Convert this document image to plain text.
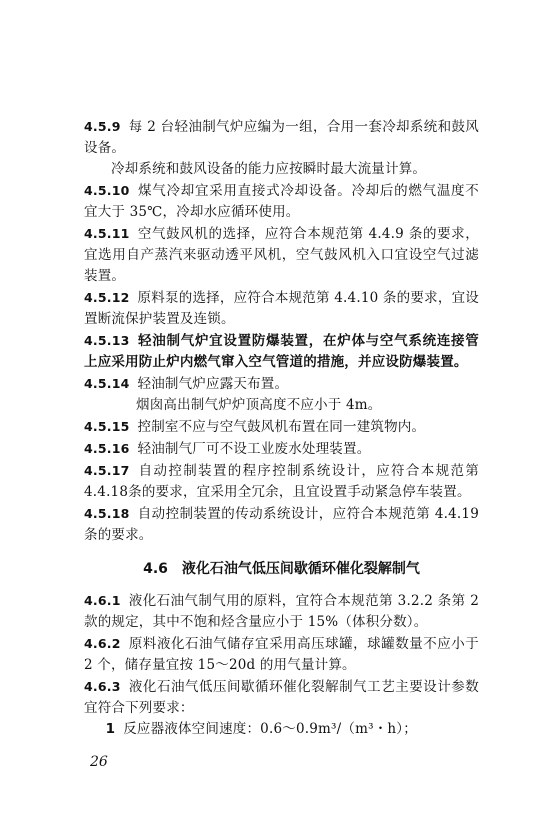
4.5.9 每 2 台轻油制气炉应编为一组，合用一套冷却系统和鼓风设备。

冷却系统和鼓风设备的能力应按瞬时最大流量计算。

4.5.10 煤气冷却宜采用直接式冷却设备。冷却后的燃气温度不宜大于 35℃，冷却水应循环使用。

4.5.11 空气鼓风机的选择，应符合本规范第 4.4.9 条的要求，宜选用自产蒸汽来驱动透平风机，空气鼓风机入口宜设空气过滤装置。

4.5.12 原料泵的选择，应符合本规范第 4.4.10 条的要求，宜设置断流保护装置及连锁。

4.5.13 轻油制气炉宜设置防爆装置，在炉体与空气系统连接管上应采用防止炉内燃气窜入空气管道的措施，并应设防爆装置。

4.5.14 轻油制气炉应露天布置。

烟囱高出制气炉炉顶高度不应小于 4m。

4.5.15 控制室不应与空气鼓风机布置在同一建筑物内。

4.5.16 轻油制气厂可不设工业废水处理装置。

4.5.17 自动控制装置的程序控制系统设计，应符合本规范第 4.4.18条的要求，宜采用全冗余，且宜设置手动紧急停车装置。

4.5.18 自动控制装置的传动系统设计，应符合本规范第 4.4.19条的要求。

4.6 液化石油气低压间歇循环催化裂解制气

4.6.1 液化石油气制气用的原料，宜符合本规范第 3.2.2 条第 2 款的规定，其中不饱和烃含量应小于 15%（体积分数）。

4.6.2 原料液化石油气储存宜采用高压球罐，球罐数量不应小于 2 个，储存量宜按 15～20d 的用气量计算。

4.6.3 液化石油气低压间歇循环催化裂解制气工艺主要设计参数宜符合下列要求：

1 反应器液体空间速度：0.6～0.9m³/（m³・h）；

26
